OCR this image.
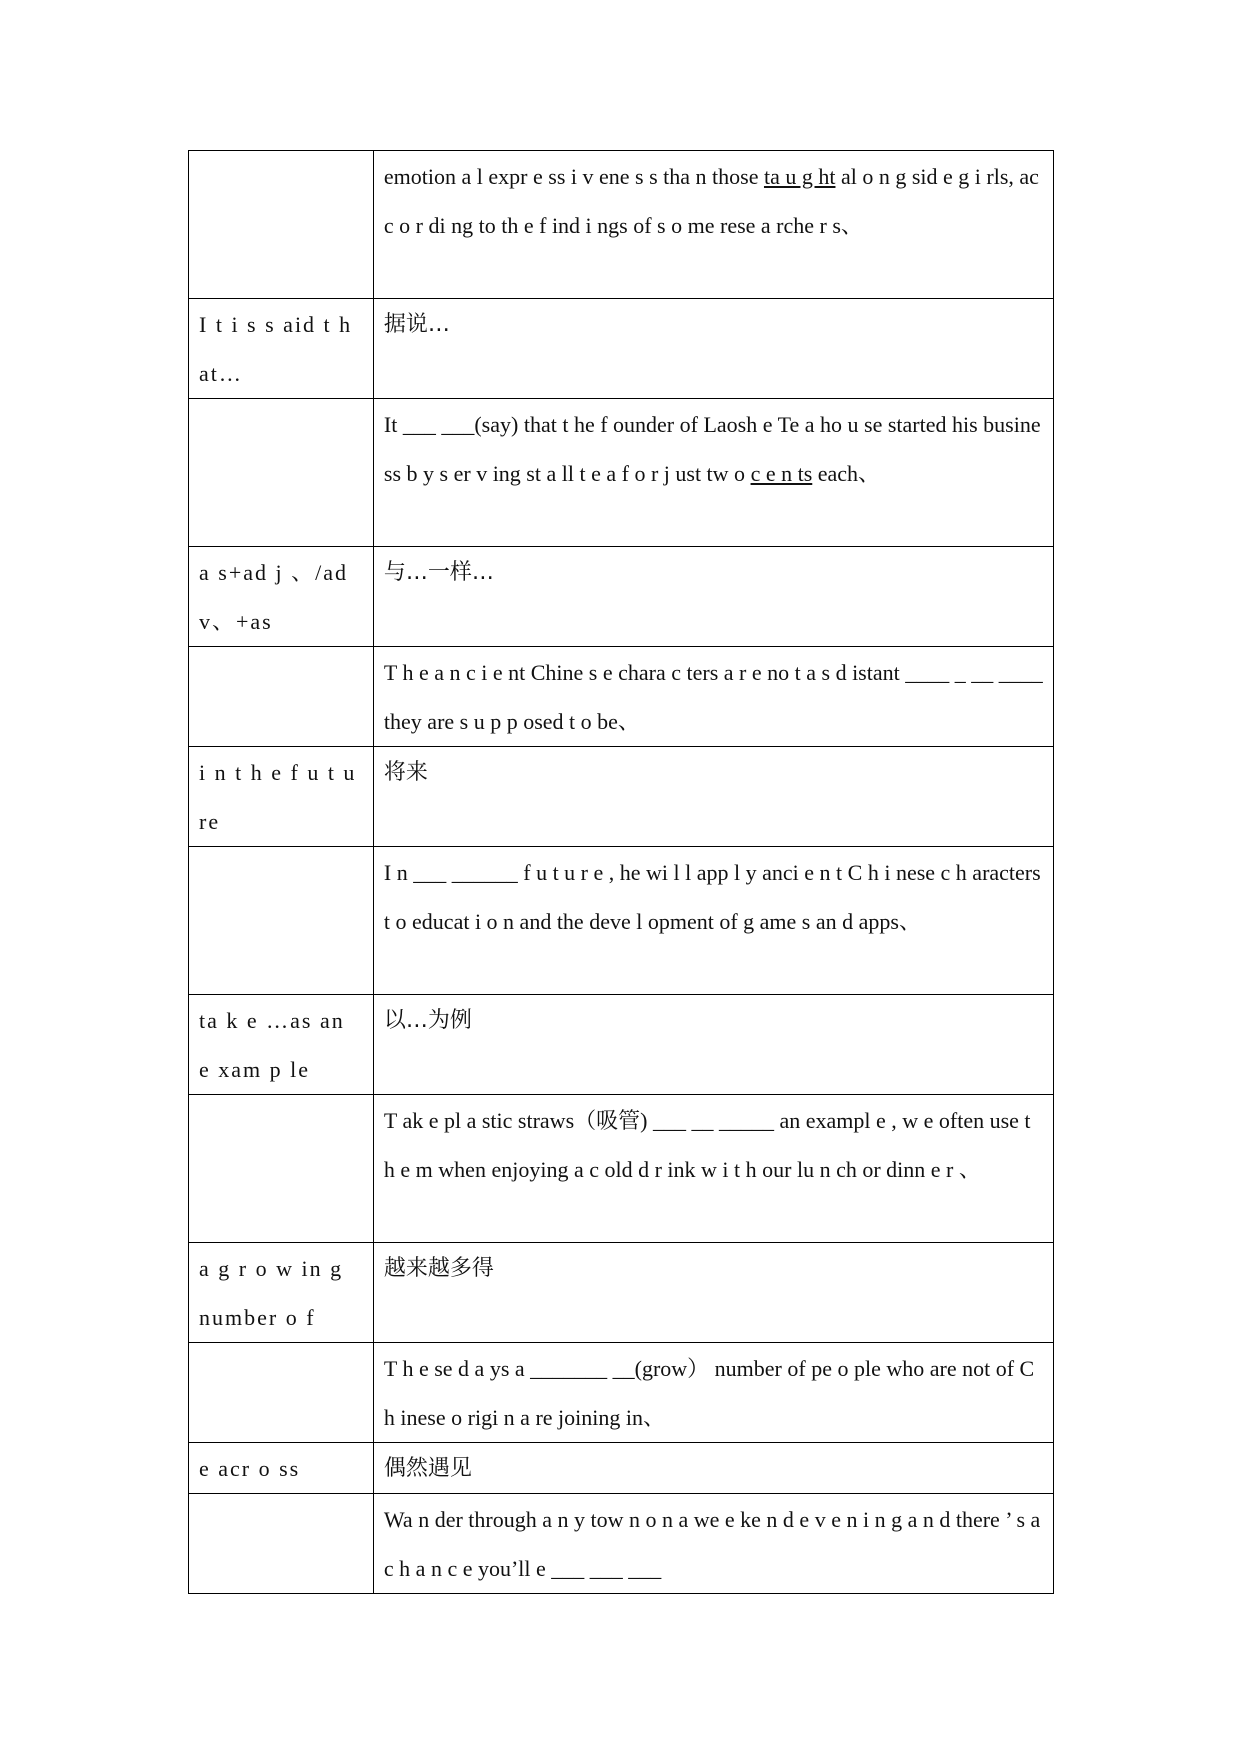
	emotion a l expr e ss i v ene s s tha n those ta u g ht al o n g sid e g i rls, acc o r di ng to th e f ind i ngs of s o me rese a rche r s、
I t i s s aid t hat…	据说…
	It ___ ___(say) that t he f ounder of Laosh e Te a ho u se started his business b y s er v ing st a ll t e a f o r j ust tw o c e n ts each、
a s+ad j 、/adv、+as	与…一样…
	T h e a n c i e nt Chine s e chara c ters a r e no t a s d istant ____ _ __ ____ they are s u p p osed t o be、
i n t h e f u t u re	将来
	I n ___ ______ f u t u r e , he wi l l app l y anci e n t C h i nese c h aracters t o educat i o n and the deve l opment of g ame s an d apps、
ta k e …as an e xam p le	以…为例
	T ak e pl a stic straws（吸管) ___ __ _____ an exampl e , w e often use t h e m when enjoying a c old d r ink w i t h our lu n ch or dinn e r 、
a g r o w in g number o f	越来越多得
	T h e se d a ys a _______ __(grow） number of pe o ple who are not of C h inese o rigi n a re joining in、
e acr o ss	偶然遇见
	Wa n der through a n y tow n o n a we e ke n d e v e n i n g a n d there ’ s a c h a n c e you’ll e ___ ___ ___
